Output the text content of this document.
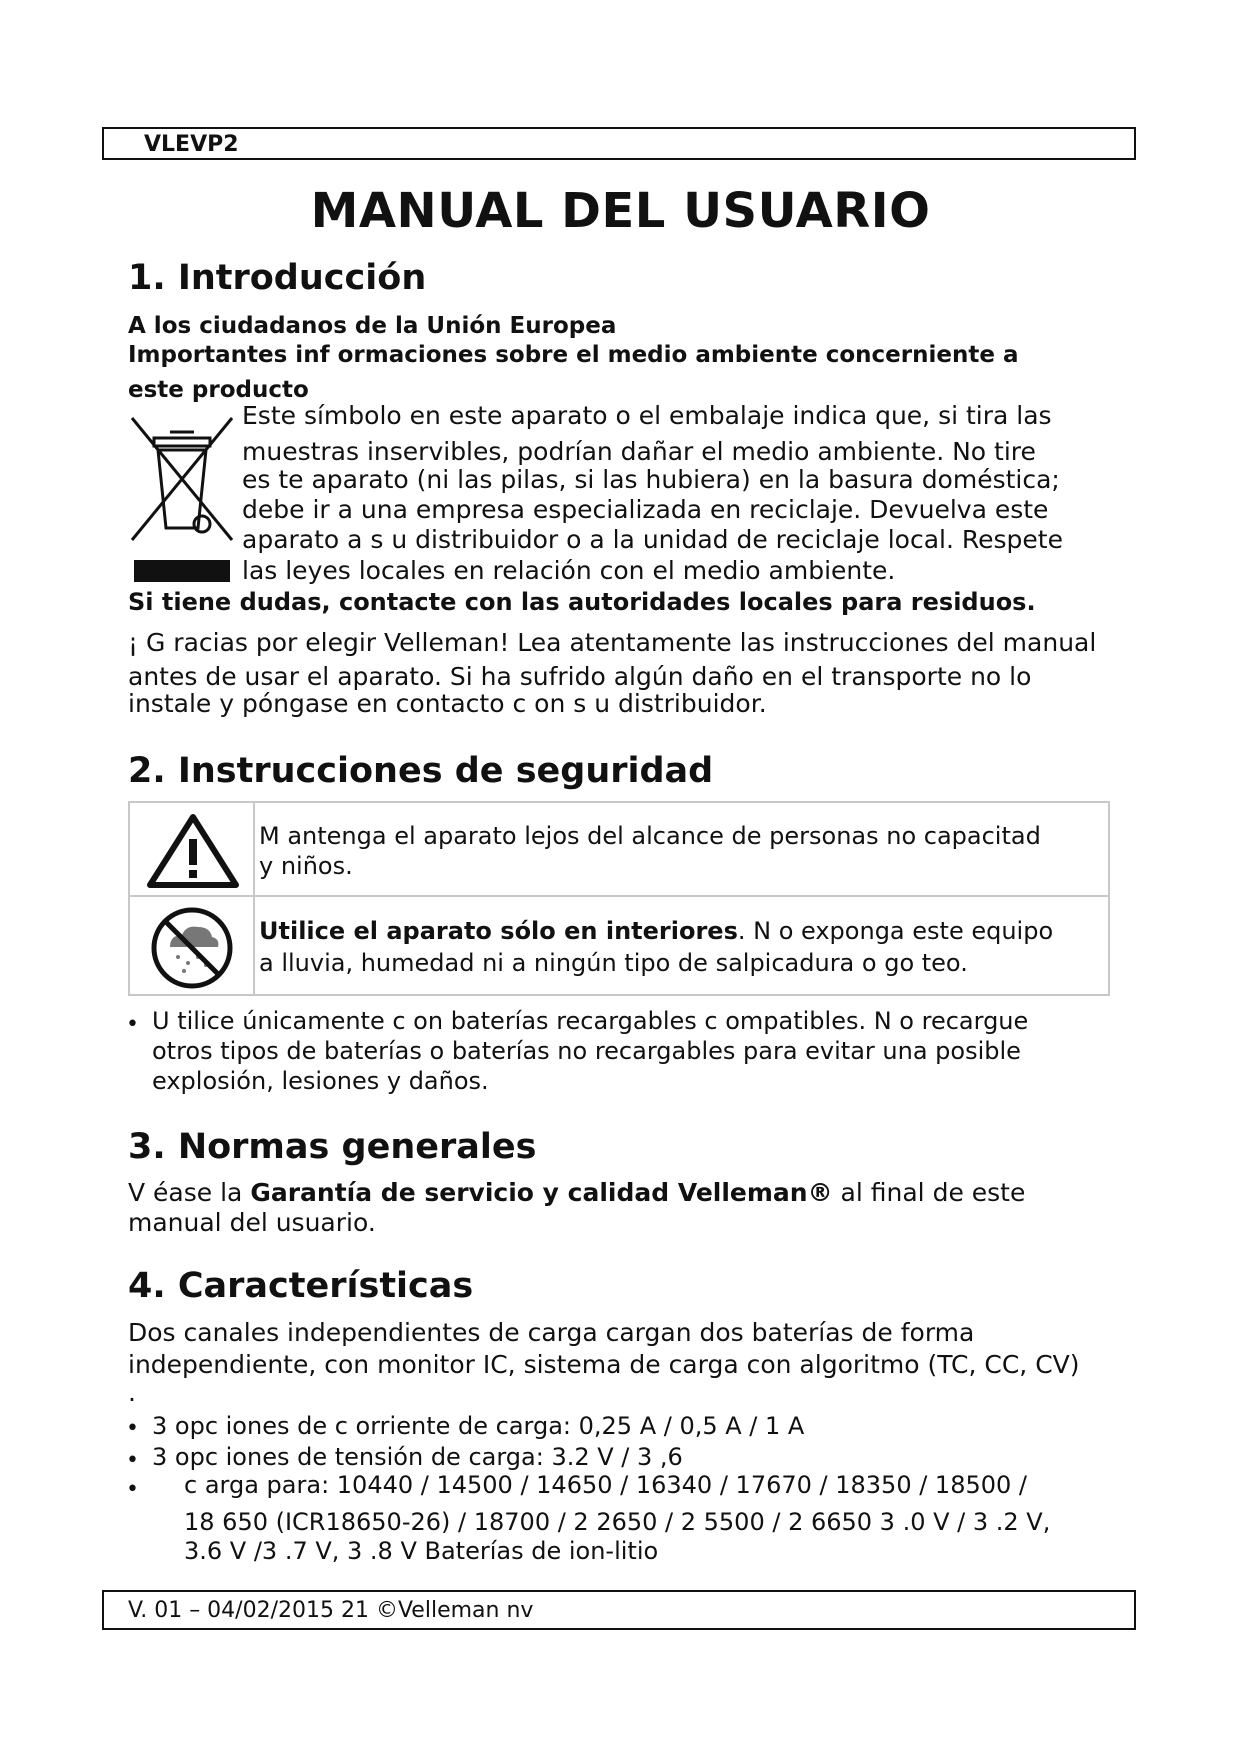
VLEVP2
MANUAL DEL USUARIO
1. Introducción
A los ciudadanos de la Unión Europea
Importantes inf ormaciones sobre el medio ambiente concerniente a
este producto
Este símbolo en este aparato o el embalaje indica que, si tira las
muestras inservibles, podrían dañar el medio ambiente. No tire
es te aparato (ni las pilas, si las hubiera) en la basura doméstica;
debe ir a una empresa especializada en reciclaje. Devuelva este
aparato a s u distribuidor o a la unidad de reciclaje local. Respete
las leyes locales en relación con el medio ambiente.
Si tiene dudas, contacte con las autoridades locales para residuos.
¡ G racias por elegir Velleman! Lea atentamente las instrucciones del manual
antes de usar el aparato. Si ha sufrido algún daño en el transporte no lo
instale y póngase en contacto c on s u distribuidor.
2. Instrucciones de seguridad
M antenga el aparato lejos del alcance de personas no capacitad
y niños.
Utilice el aparato sólo en interiores. N o exponga este equipo
a lluvia, humedad ni a ningún tipo de salpicadura o go teo.
• U tilice únicamente c on baterías recargables c ompatibles. N o recargue
otros tipos de baterías o baterías no recargables para evitar una posible
explosión, lesiones y daños.
3. Normas generales
V éase la Garantía de servicio y calidad Velleman® al final de este
manual del usuario.
4. Características
Dos canales independientes de carga cargan dos baterías de forma
independiente, con monitor IC, sistema de carga con algoritmo (TC, CC, CV)
.
• 3 opc iones de c orriente de carga: 0,25 A / 0,5 A / 1 A
• 3 opc iones de tensión de carga: 3.2 V / 3 ,6
• c arga para: 10440 / 14500 / 14650 / 16340 / 17670 / 18350 / 18500 /
18 650 (ICR18650-26) / 18700 / 2 2650 / 2 5500 / 2 6650 3 .0 V / 3 .2 V,
3.6 V /3 .7 V, 3 .8 V Baterías de ion-litio
V. 01 – 04/02/2015 21 ©Velleman nv
